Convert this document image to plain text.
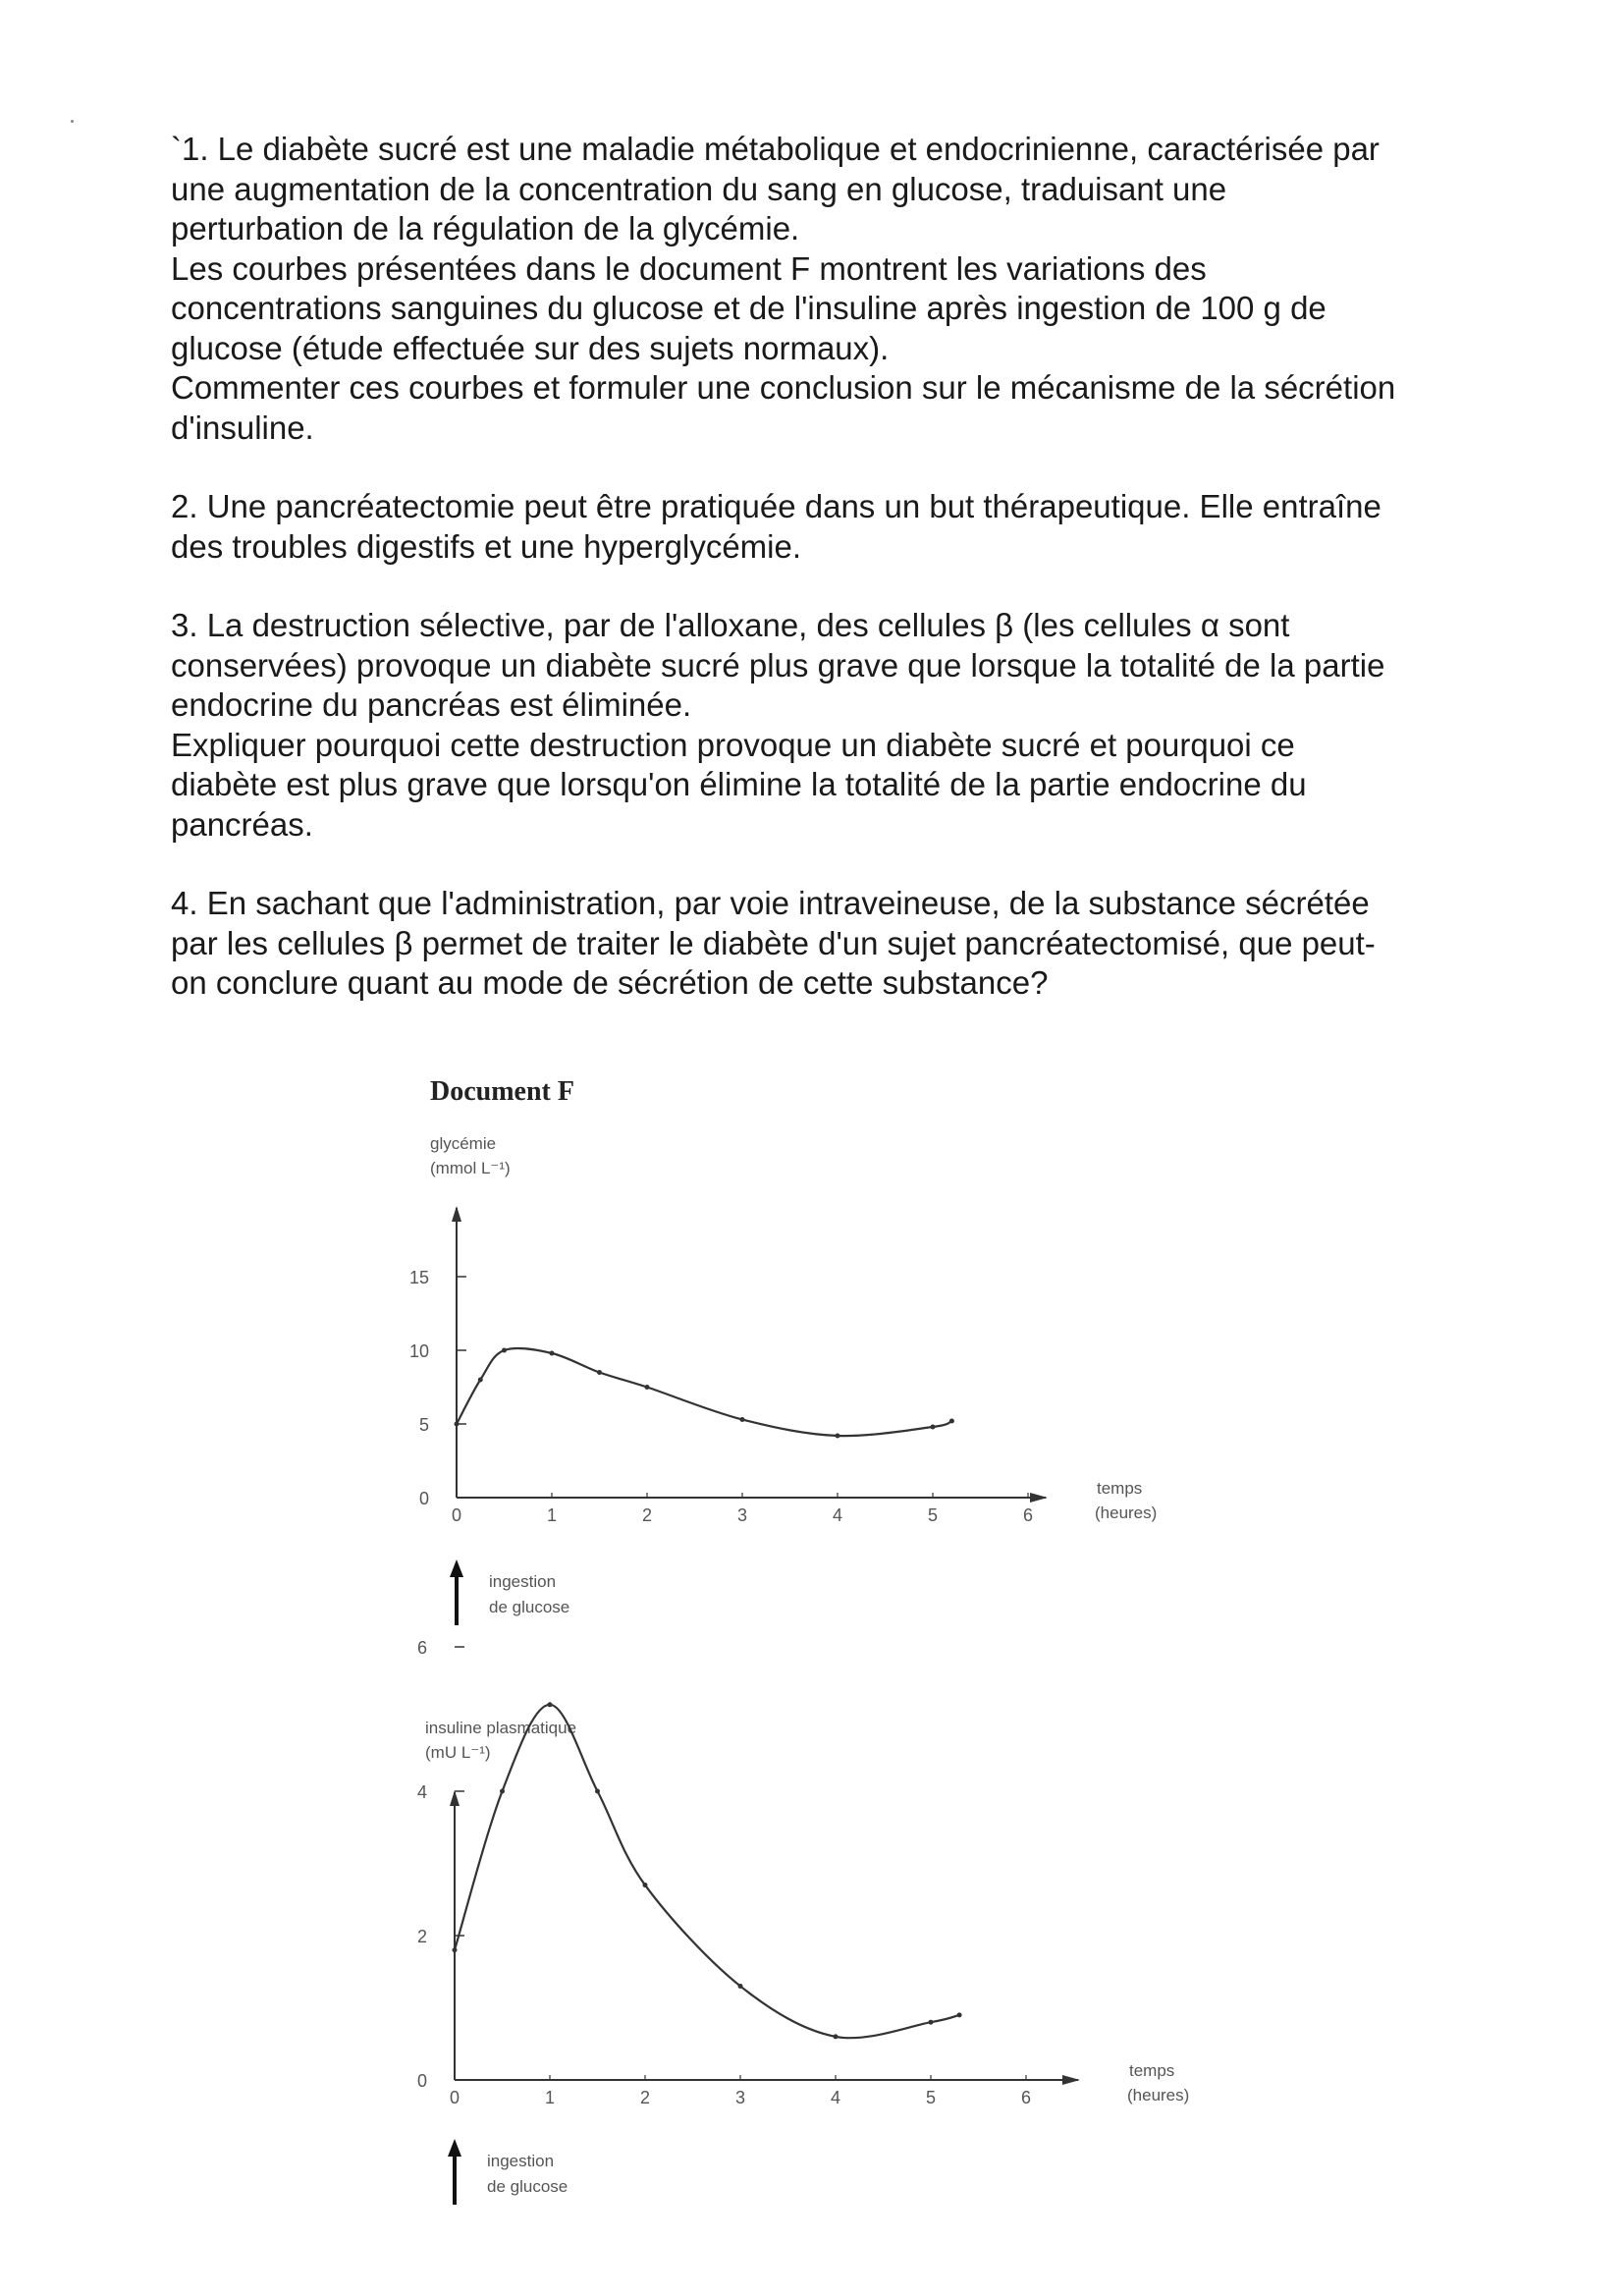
`1. Le diabète sucré est une maladie métabolique et endocrinienne, caractérisée par
une augmentation de la concentration du sang en glucose, traduisant une
perturbation de la régulation de la glycémie.
Les courbes présentées dans le document F montrent les variations des
concentrations sanguines du glucose et de l'insuline après ingestion de 100 g de
glucose (étude effectuée sur des sujets normaux).
Commenter ces courbes et formuler une conclusion sur le mécanisme de la sécrétion
d'insuline.

2. Une pancréatectomie peut être pratiquée dans un but thérapeutique. Elle entraîne
des troubles digestifs et une hyperglycémie.

3. La destruction sélective, par de l'alloxane, des cellules β (les cellules α sont
conservées) provoque un diabète sucré plus grave que lorsque la totalité de la partie
endocrine du pancréas est éliminée.
Expliquer pourquoi cette destruction provoque un diabète sucré et pourquoi ce
diabète est plus grave que lorsqu'on élimine la totalité de la partie endocrine du
pancréas.

4. En sachant que l'administration, par voie intraveineuse, de la substance sécrétée
par les cellules β permet de traiter le diabète d'un sujet pancréatectomisé, que peut-
on conclure quant au mode de sécrétion de cette substance?

Document F
glycémie
(mmol L⁻¹)
temps
(heures)
0
5
10
15
0	1	2	3	4	5	6
ingestion
de glucose
insuline plasmatique
(mU L⁻¹)
temps
(heures)
0
2
4
6
0	1	2	3	4	5	6
ingestion
de glucose
